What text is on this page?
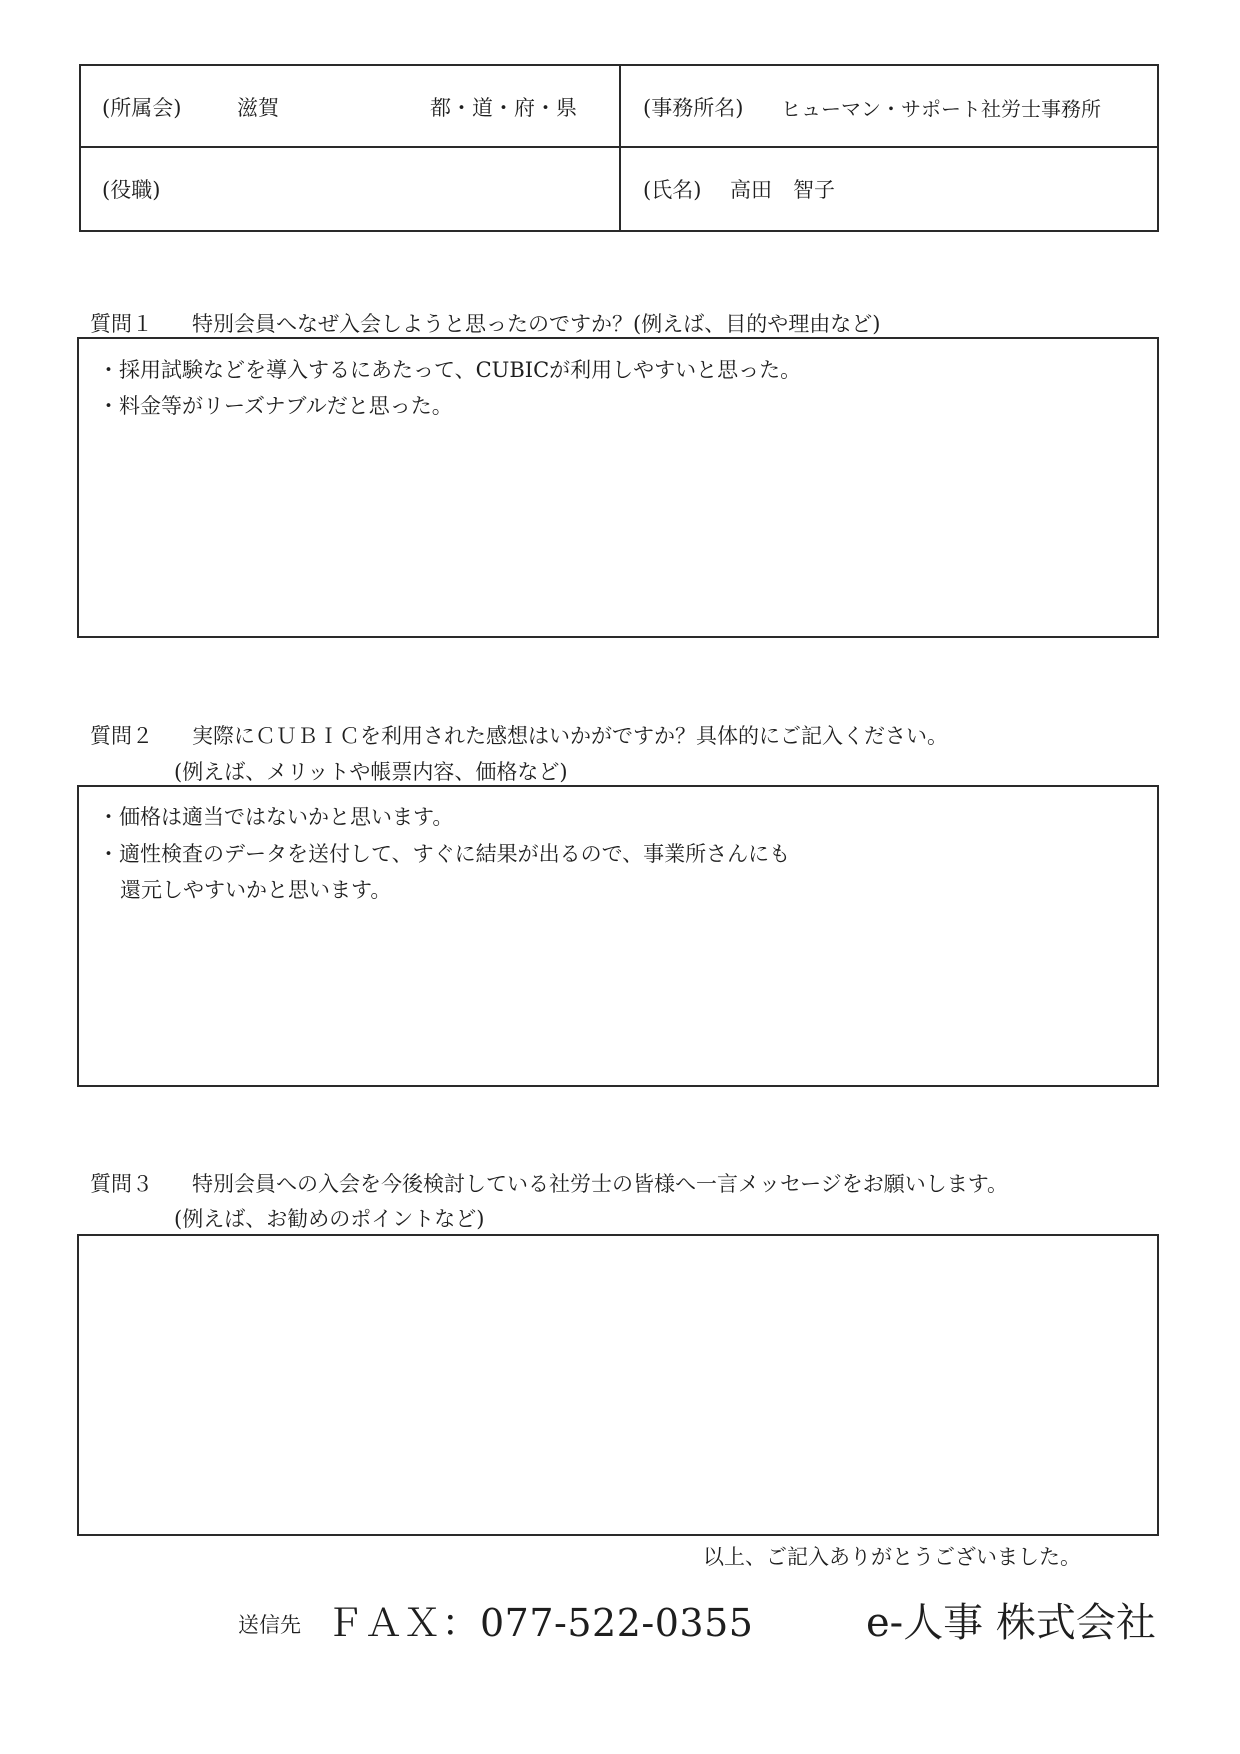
(所属会)	滋賀	都・道・府・県	(事務所名) ヒューマン・サポート社労士事務所
(役職)	(氏名) 高田　智子
質問１ 特別会員へなぜ入会しようと思ったのですか？(例えば、目的や理由など)
・採用試験などを導入するにあたって、CUBICが利用しやすいと思った。
・料金等がリーズナブルだと思った。
質問２ 実際にＣＵＢＩＣを利用された感想はいかがですか？具体的にご記入ください。
(例えば、メリットや帳票内容、価格など)
・価格は適当ではないかと思います。
・適性検査のデータを送付して、すぐに結果が出るので、事業所さんにも
還元しやすいかと思います。
質問３ 特別会員への入会を今後検討している社労士の皆様へ一言メッセージをお願いします。
(例えば、お勧めのポイントなど)
以上、ご記入ありがとうございました。
送信先 ＦＡＸ：077-522-0355	e-人事 株式会社
